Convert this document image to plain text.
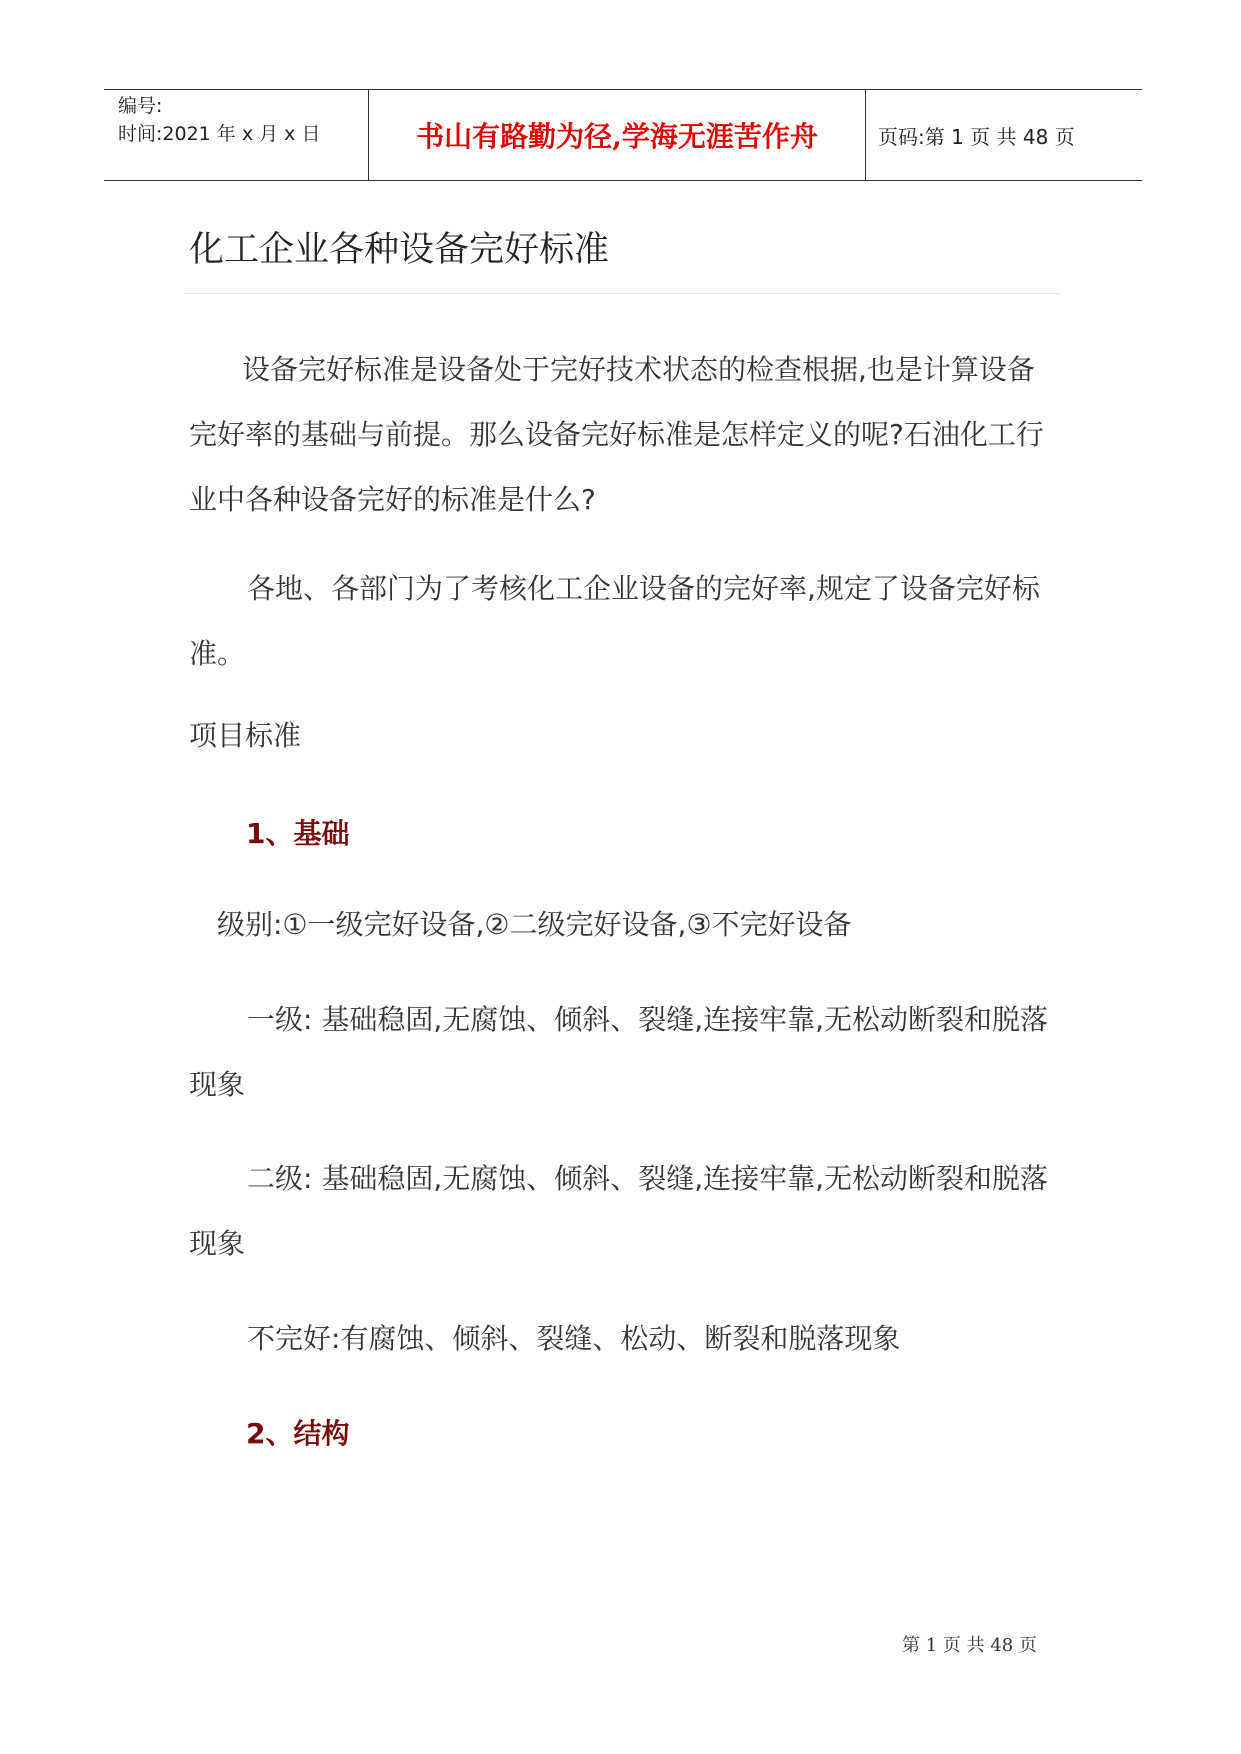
编号:
时间:2021 年 x 月 x 日	书山有路勤为径,学海无涯苦作舟	页码:第 1 页 共 48 页
化工企业各种设备完好标准

设备完好标准是设备处于完好技术状态的检查根据,也是计算设备完好率的基础与前提。那么设备完好标准是怎样定义的呢?石油化工行业中各种设备完好的标准是什么?

各地、各部门为了考核化工企业设备的完好率,规定了设备完好标准。

项目标准

1、基础

级别:①一级完好设备,②二级完好设备,③不完好设备

一级: 基础稳固,无腐蚀、倾斜、裂缝,连接牢靠,无松动断裂和脱落现象

二级: 基础稳固,无腐蚀、倾斜、裂缝,连接牢靠,无松动断裂和脱落现象

不完好:有腐蚀、倾斜、裂缝、松动、断裂和脱落现象

2、结构
第 1 页 共 48 页
